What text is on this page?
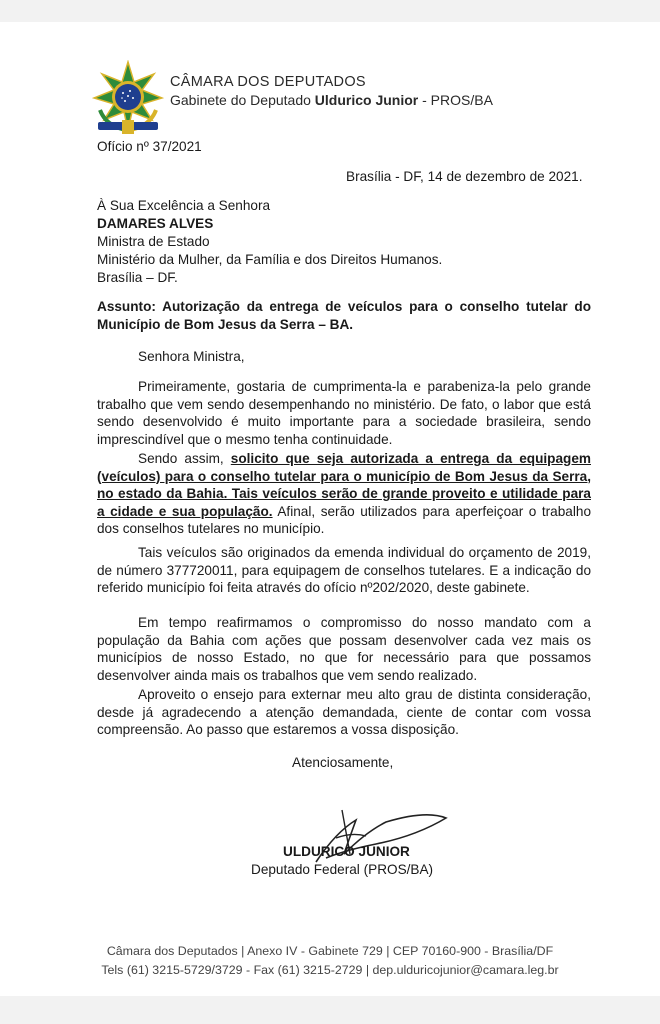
CÂMARA DOS DEPUTADOS
Gabinete do Deputado Uldurico Junior - PROS/BA
Ofício nº 37/2021
Brasília - DF, 14 de dezembro de 2021.
À Sua Excelência a Senhora
DAMARES ALVES
Ministra de Estado
Ministério da Mulher, da Família e dos Direitos Humanos.
Brasília – DF.
Assunto: Autorização da entrega de veículos para o conselho tutelar do Município de Bom Jesus da Serra – BA.
Senhora Ministra,
Primeiramente, gostaria de cumprimenta-la e parabeniza-la pelo grande trabalho que vem sendo desempenhando no ministério. De fato, o labor que está sendo desenvolvido é muito importante para a sociedade brasileira, sendo imprescindível que o mesmo tenha continuidade.
Sendo assim, solicito que seja autorizada a entrega da equipagem (veículos) para o conselho tutelar para o município de Bom Jesus da Serra, no estado da Bahia. Tais veículos serão de grande proveito e utilidade para a cidade e sua população. Afinal, serão utilizados para aperfeiçoar o trabalho dos conselhos tutelares no município.
Tais veículos são originados da emenda individual do orçamento de 2019, de número 377720011, para equipagem de conselhos tutelares. E a indicação do referido município foi feita através do ofício nº202/2020, deste gabinete.
Em tempo reafirmamos o compromisso do nosso mandato com a população da Bahia com ações que possam desenvolver cada vez mais os municípios de nosso Estado, no que for necessário para que possamos desenvolver ainda mais os trabalhos que vem sendo realizado.
Aproveito o ensejo para externar meu alto grau de distinta consideração, desde já agradecendo a atenção demandada, ciente de contar com vossa compreensão. Ao passo que estaremos a vossa disposição.
Atenciosamente,
ULDURICO JUNIOR
Deputado Federal (PROS/BA)
Câmara dos Deputados | Anexo IV - Gabinete 729 | CEP 70160-900 - Brasília/DF
Tels (61) 3215-5729/3729 - Fax (61) 3215-2729 | dep.ulduricojunior@camara.leg.br
